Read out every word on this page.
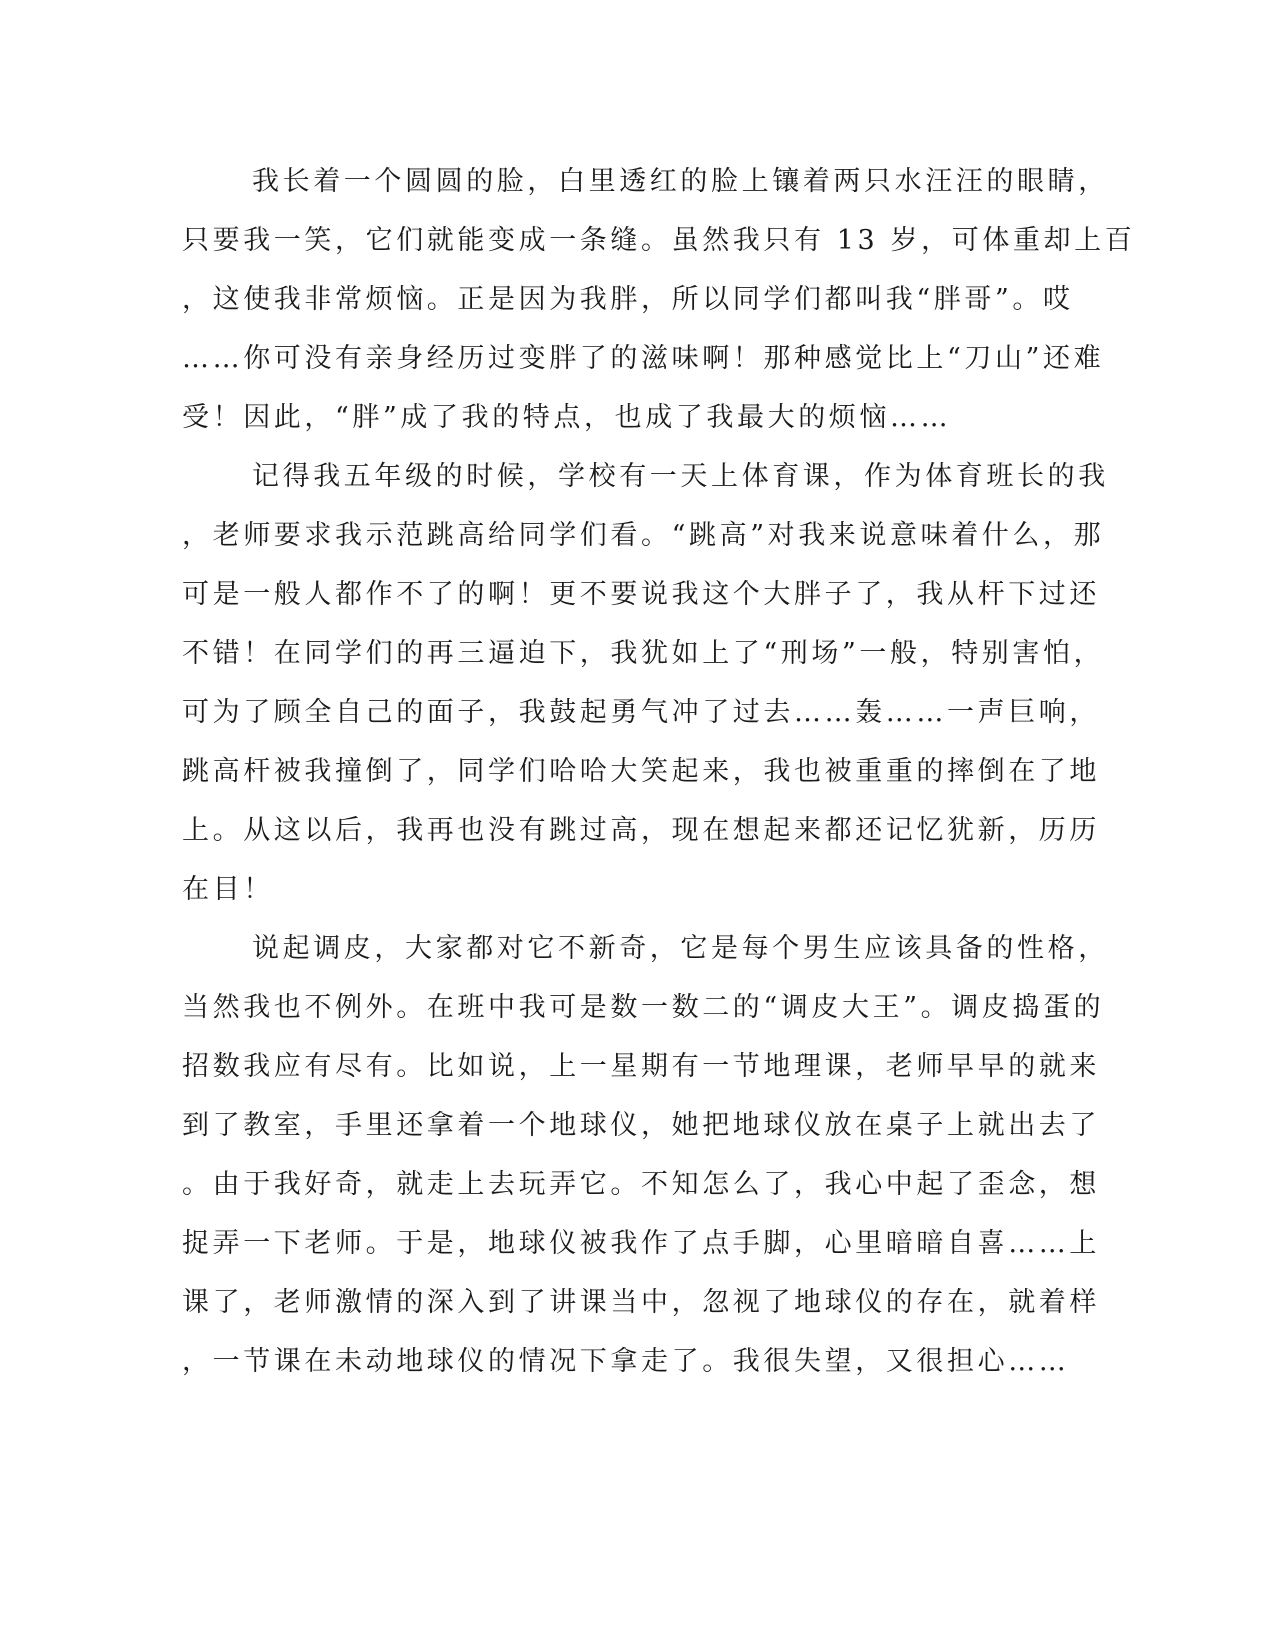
我长着一个圆圆的脸，白里透红的脸上镶着两只水汪汪的眼睛，
只要我一笑，它们就能变成一条缝。虽然我只有 13 岁，可体重却上百
，这使我非常烦恼。正是因为我胖，所以同学们都叫我“胖哥”。哎
……你可没有亲身经历过变胖了的滋味啊！那种感觉比上“刀山”还难
受！因此，“胖”成了我的特点，也成了我最大的烦恼……
记得我五年级的时候，学校有一天上体育课，作为体育班长的我
，老师要求我示范跳高给同学们看。“跳高”对我来说意味着什么，那
可是一般人都作不了的啊！更不要说我这个大胖子了，我从杆下过还
不错！在同学们的再三逼迫下，我犹如上了“刑场”一般，特别害怕，
可为了顾全自己的面子，我鼓起勇气冲了过去……轰……一声巨响，
跳高杆被我撞倒了，同学们哈哈大笑起来，我也被重重的摔倒在了地
上。从这以后，我再也没有跳过高，现在想起来都还记忆犹新，历历
在目！
说起调皮，大家都对它不新奇，它是每个男生应该具备的性格，
当然我也不例外。在班中我可是数一数二的“调皮大王”。调皮捣蛋的
招数我应有尽有。比如说，上一星期有一节地理课，老师早早的就来
到了教室，手里还拿着一个地球仪，她把地球仪放在桌子上就出去了
。由于我好奇，就走上去玩弄它。不知怎么了，我心中起了歪念，想
捉弄一下老师。于是，地球仪被我作了点手脚，心里暗暗自喜……上
课了，老师激情的深入到了讲课当中，忽视了地球仪的存在，就着样
，一节课在未动地球仪的情况下拿走了。我很失望，又很担心……
